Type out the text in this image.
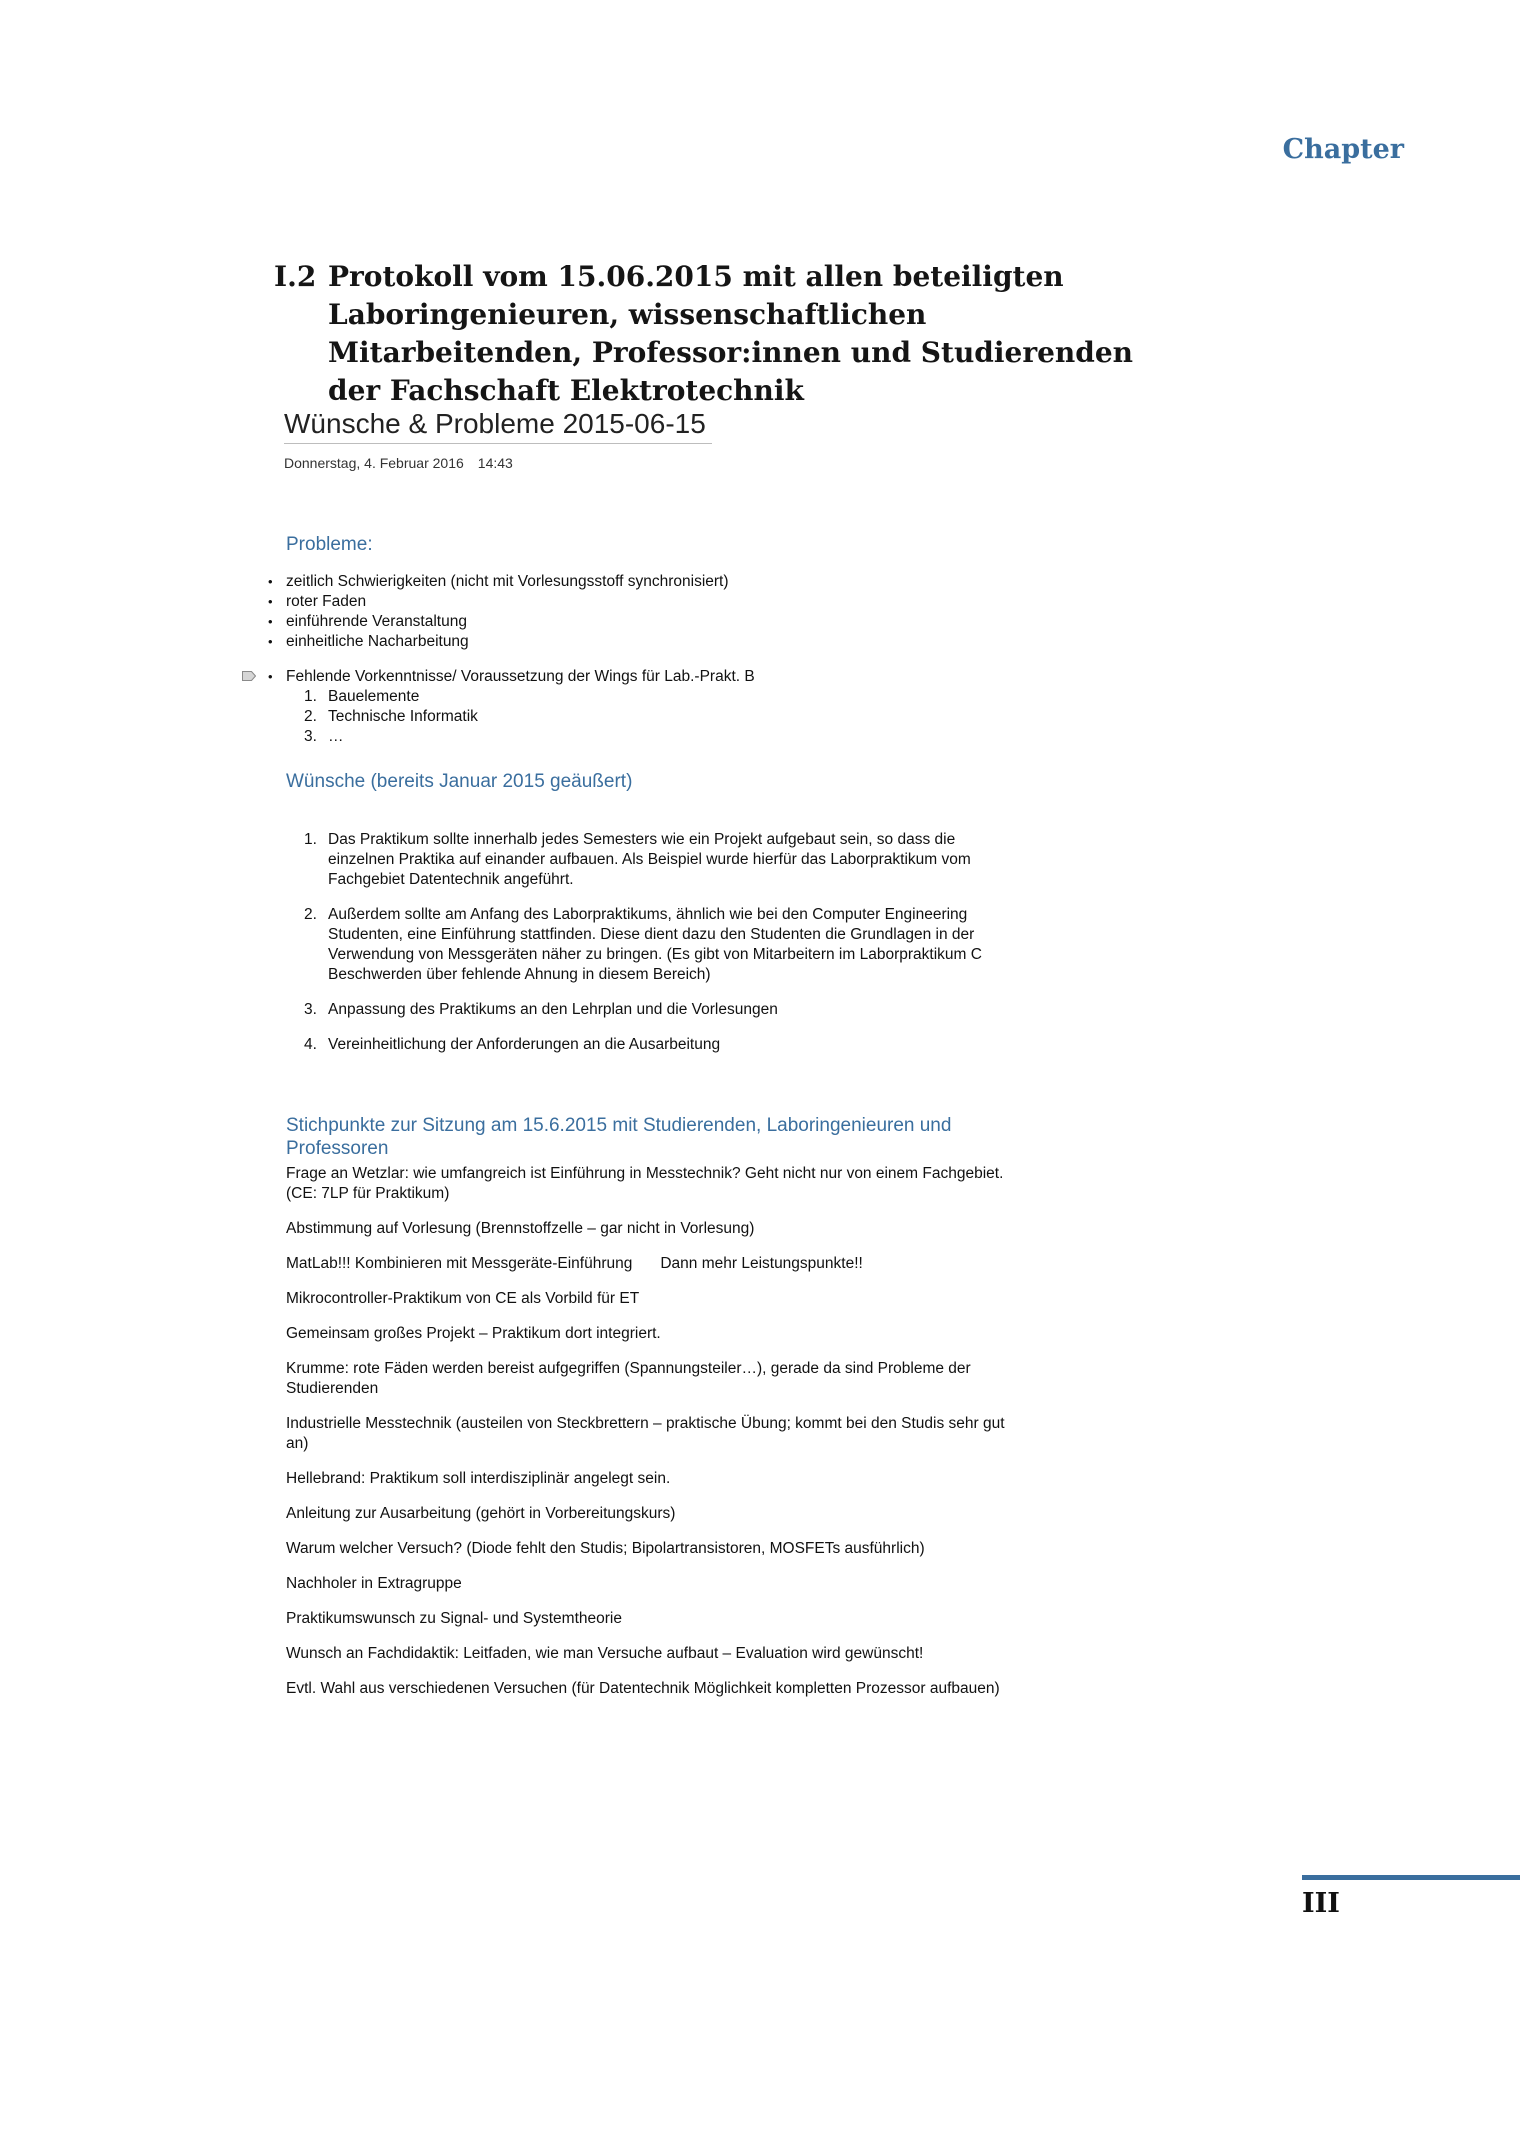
Chapter
I.2 Protokoll vom 15.06.2015 mit allen beteiligten Laboringenieuren, wissenschaftlichen Mitarbeitenden, Professor:innen und Studierenden der Fachschaft Elektrotechnik
Wünsche & Probleme 2015-06-15
Donnerstag, 4. Februar 2016 14:43
Probleme:
• zeitlich Schwierigkeiten (nicht mit Vorlesungsstoff synchronisiert)
• roter Faden
• einführende Veranstaltung
• einheitliche Nacharbeitung
• Fehlende Vorkenntnisse/ Voraussetzung der Wings für Lab.-Prakt. B
1. Bauelemente
2. Technische Informatik
3. …
Wünsche (bereits Januar 2015 geäußert)
1. Das Praktikum sollte innerhalb jedes Semesters wie ein Projekt aufgebaut sein, so dass die einzelnen Praktika auf einander aufbauen. Als Beispiel wurde hierfür das Laborpraktikum vom Fachgebiet Datentechnik angeführt.
2. Außerdem sollte am Anfang des Laborpraktikums, ähnlich wie bei den Computer Engineering Studenten, eine Einführung stattfinden. Diese dient dazu den Studenten die Grundlagen in der Verwendung von Messgeräten näher zu bringen. (Es gibt von Mitarbeitern im Laborpraktikum C Beschwerden über fehlende Ahnung in diesem Bereich)
3. Anpassung des Praktikums an den Lehrplan und die Vorlesungen
4. Vereinheitlichung der Anforderungen an die Ausarbeitung
Stichpunkte zur Sitzung am 15.6.2015 mit Studierenden, Laboringenieuren und Professoren

Frage an Wetzlar: wie umfangreich ist Einführung in Messtechnik? Geht nicht nur von einem Fachgebiet. (CE: 7LP für Praktikum)

Abstimmung auf Vorlesung (Brennstoffzelle – gar nicht in Vorlesung)

MatLab!!! Kombinieren mit Messgeräte-Einführung Dann mehr Leistungspunkte!!

Mikrocontroller-Praktikum von CE als Vorbild für ET

Gemeinsam großes Projekt – Praktikum dort integriert.

Krumme: rote Fäden werden bereist aufgegriffen (Spannungsteiler…), gerade da sind Probleme der Studierenden

Industrielle Messtechnik (austeilen von Steckbrettern – praktische Übung; kommt bei den Studis sehr gut an)

Hellebrand: Praktikum soll interdisziplinär angelegt sein.

Anleitung zur Ausarbeitung (gehört in Vorbereitungskurs)

Warum welcher Versuch? (Diode fehlt den Studis; Bipolartransistoren, MOSFETs ausführlich)

Nachholer in Extragruppe

Praktikumswunsch zu Signal- und Systemtheorie

Wunsch an Fachdidaktik: Leitfaden, wie man Versuche aufbaut – Evaluation wird gewünscht!

Evtl. Wahl aus verschiedenen Versuchen (für Datentechnik Möglichkeit kompletten Prozessor aufbauen)

III
